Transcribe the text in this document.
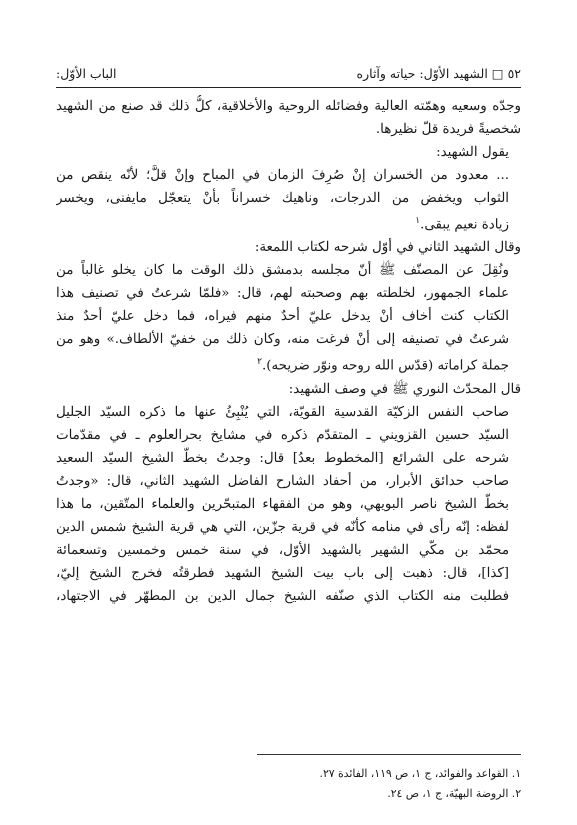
٥٢ □ الشهيد الأوّل: حياته وآثاره
الباب الأوّل:
وجدّه وسعيه وهمّته العالية وفضائله الروحية والأخلاقية، كلُّ ذلك قد صنع من الشهيد
شخصيةً فريدة قلّ نظيرها.
يقول الشهيد:
... معدود من الخسران إنْ صُرِفَ الزمان في المباح وإنْ قلَّ؛ لأنّه ينقص من
الثواب ويخفض من الدرجات، وناهيك خسراناً بأنْ يتعجّل مايفنى، ويخسر
زيادة نعيم يبقى.$^١$
وقال الشهيد الثاني في أوّل شرحه لكتاب اللمعة:
ونُقِلَ عن المصنّف ﷺ أنّ مجلسه بدمشق ذلك الوقت ما كان يخلو غالباً من
علماء الجمهور، لخلطته بهم وصحبته لهم، قال: «فلمّا شرعتُ في تصنيف هذا
الكتاب كنت أخاف أنْ يدخل عليّ أحدٌ منهم فيراه، فما دخل عليّ أحدٌ منذ
شرعتُ في تصنيفه إلى أنْ فرغت منه، وكان ذلك من خفيّ الألطاف.» وهو من
جملة كراماته (قدّس الله روحه ونوّر ضريحه).$^٢$
قال المحدّث النوري ﷺ في وصف الشهيد:
صاحب النفس الزكيّة القدسية القويّة، التي يُنْبِئُ عنها ما ذكره السيّد الجليل
السيّد حسين القزويني ـ المتقدّم ذكره في مشايخ بحرالعلوم ـ في مقدّمات
شرحه على الشرائع [المخطوط بعدُ] قال: وجدتُ بخطّ الشيخ السيّد السعيد
صاحب حدائق الأبرار، من أحفاد الشارح الفاضل الشهيد الثاني، قال: «وجدتُ
بخطّ الشيخ ناصر البويهي، وهو من الفقهاء المتبحّرين والعلماء المتّقين، ما هذا
لفظه: إنّه رأى في منامه كأنّه في قرية جزّين، التي هي قرية الشيخ شمس الدين
محمّد بن مكّي الشهير بالشهيد الأوّل، في سنة خمس وخمسين وتسعمائة
[كذا]، قال: ذهبت إلى باب بيت الشيخ الشهيد فطرقتُه فخرج الشيخ إليّ،
فطلبت منه الكتاب الذي صنّفه الشيخ جمال الدين بن المطهّر في الاجتهاد،
١. القواعد والفوائد، ج ١، ص ١١٩، الفائدة ٢٧.
٢. الروضة البهيّة، ج ١، ص ٢٤.
